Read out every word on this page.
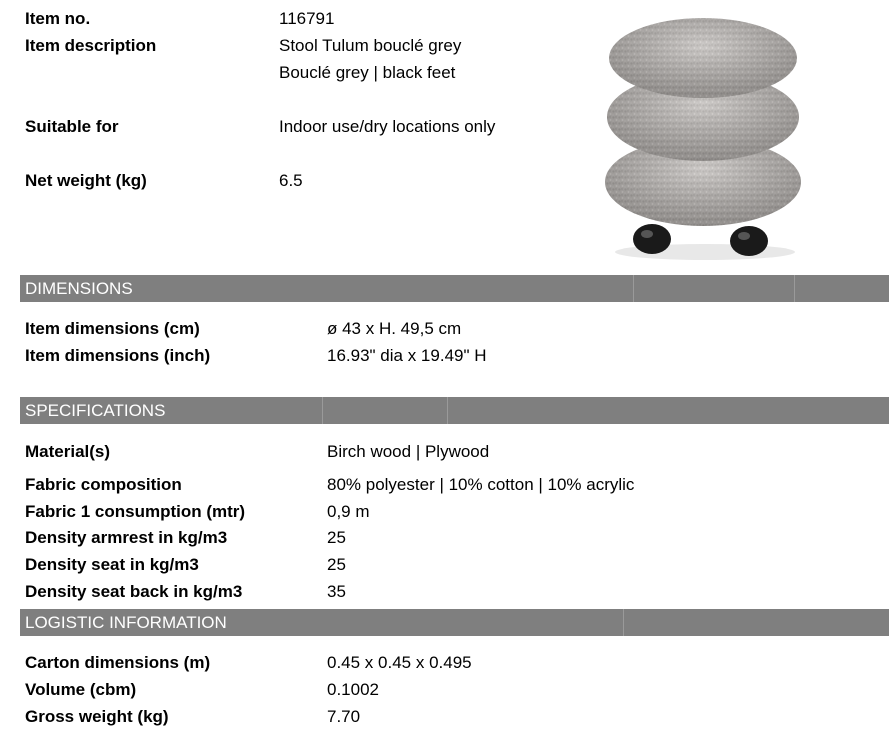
Item no.	116791
Item description	Stool Tulum bouclé grey
Bouclé grey | black feet
Suitable for	Indoor use/dry locations only
Net weight (kg)	6.5
DIMENSIONS
Item dimensions (cm)	ø 43 x H. 49,5 cm
Item dimensions (inch)	16.93" dia x 19.49" H
SPECIFICATIONS
Material(s)	Birch wood | Plywood
Fabric composition	80% polyester | 10% cotton | 10% acrylic
Fabric 1 consumption (mtr)	0,9 m
Density armrest in kg/m3	25
Density seat in kg/m3	25
Density seat back in kg/m3	35
LOGISTIC INFORMATION
Carton dimensions (m)	0.45 x 0.45 x 0.495
Volume (cbm)	0.1002
Gross weight (kg)	7.70
